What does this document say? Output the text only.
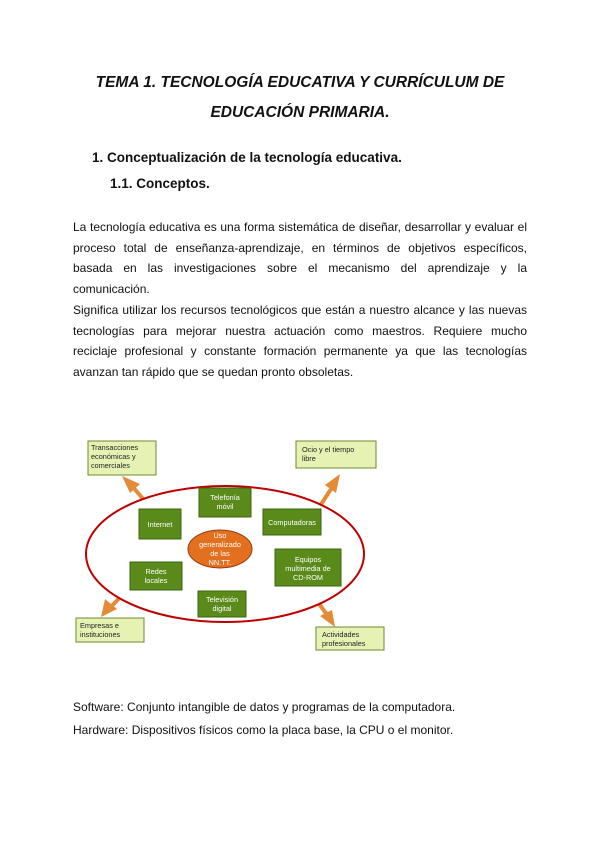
TEMA 1. TECNOLOGÍA EDUCATIVA Y CURRÍCULUM DE
EDUCACIÓN PRIMARIA.
1. Conceptualización de la tecnología educativa.
1.1. Conceptos.

La tecnología educativa es una forma sistemática de diseñar, desarrollar y evaluar el proceso total de enseñanza-aprendizaje, en términos de objetivos específicos, basada en las investigaciones sobre el mecanismo del aprendizaje y la comunicación.

Significa utilizar los recursos tecnológicos que están a nuestro alcance y las nuevas tecnologías para mejorar nuestra actuación como maestros. Requiere mucho reciclaje profesional y constante formación permanente ya que las tecnologías avanzan tan rápido que se quedan pronto obsoletas.

Uso
generalizado
de las
NN.TT.
Telefonía
móvil
Internet	Computadoras
Redes
locales
Equipos
multimedia de
CD-ROM
Televisión
digital
Transacciones
económicas y
comerciales
Ocio y el tiempo
libre
Empresas e
instituciones	Actividades
profesionales

Software: Conjunto intangible de datos y programas de la computadora.

Hardware: Dispositivos físicos como la placa base, la CPU o el monitor.
